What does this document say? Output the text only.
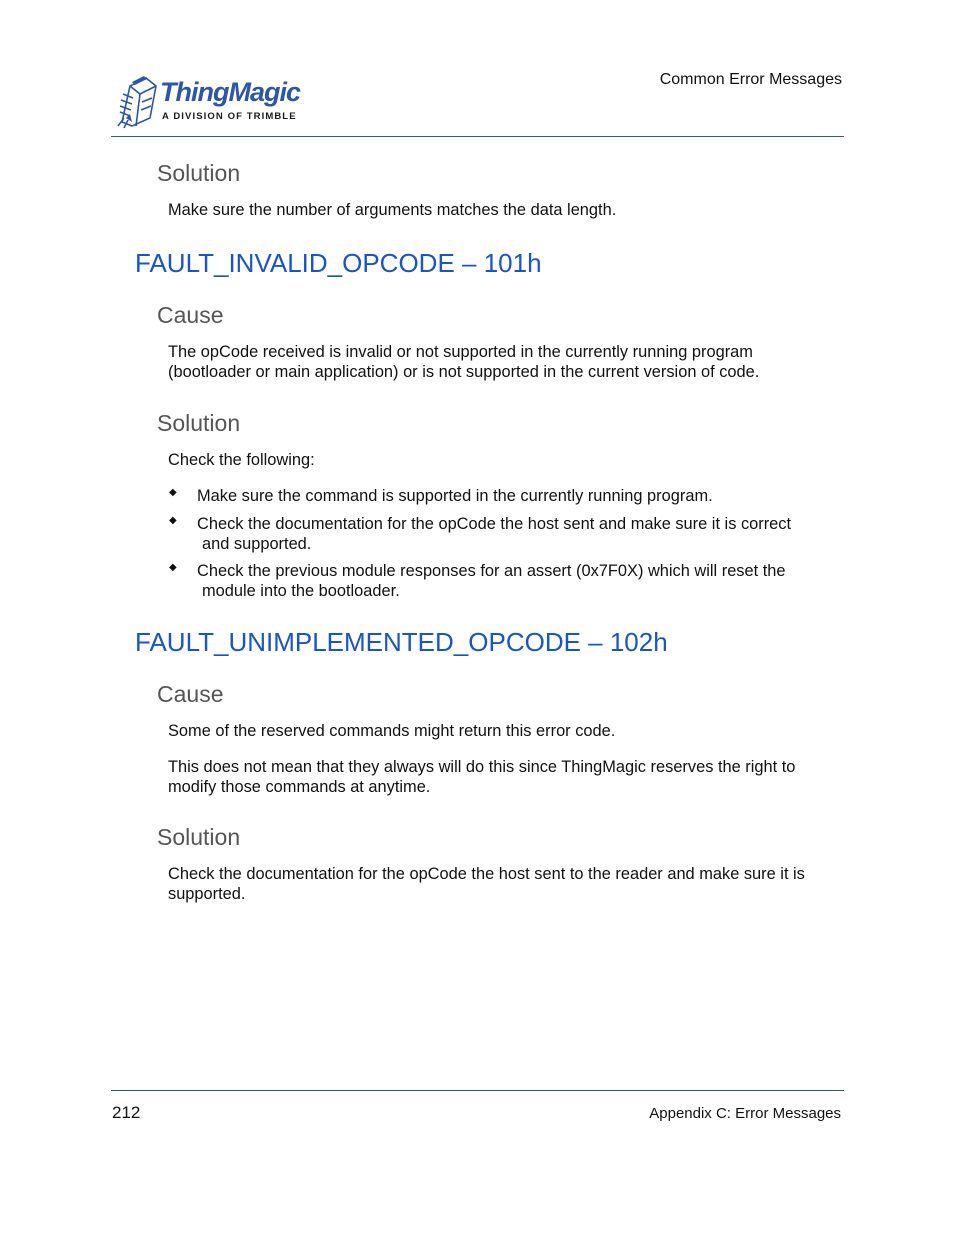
ThingMagic
A DIVISION OF TRIMBLE
Common Error Messages
Solution
Make sure the number of arguments matches the data length.
FAULT_INVALID_OPCODE – 101h
Cause
The opCode received is invalid or not supported in the currently running program
(bootloader or main application) or is not supported in the current version of code.
Solution
Check the following:
◆ Make sure the command is supported in the currently running program.
◆ Check the documentation for the opCode the host sent and make sure it is correct
and supported.
◆ Check the previous module responses for an assert (0x7F0X) which will reset the
module into the bootloader.
FAULT_UNIMPLEMENTED_OPCODE – 102h
Cause
Some of the reserved commands might return this error code.
This does not mean that they always will do this since ThingMagic reserves the right to
modify those commands at anytime.
Solution
Check the documentation for the opCode the host sent to the reader and make sure it is
supported.
212	Appendix C: Error Messages
